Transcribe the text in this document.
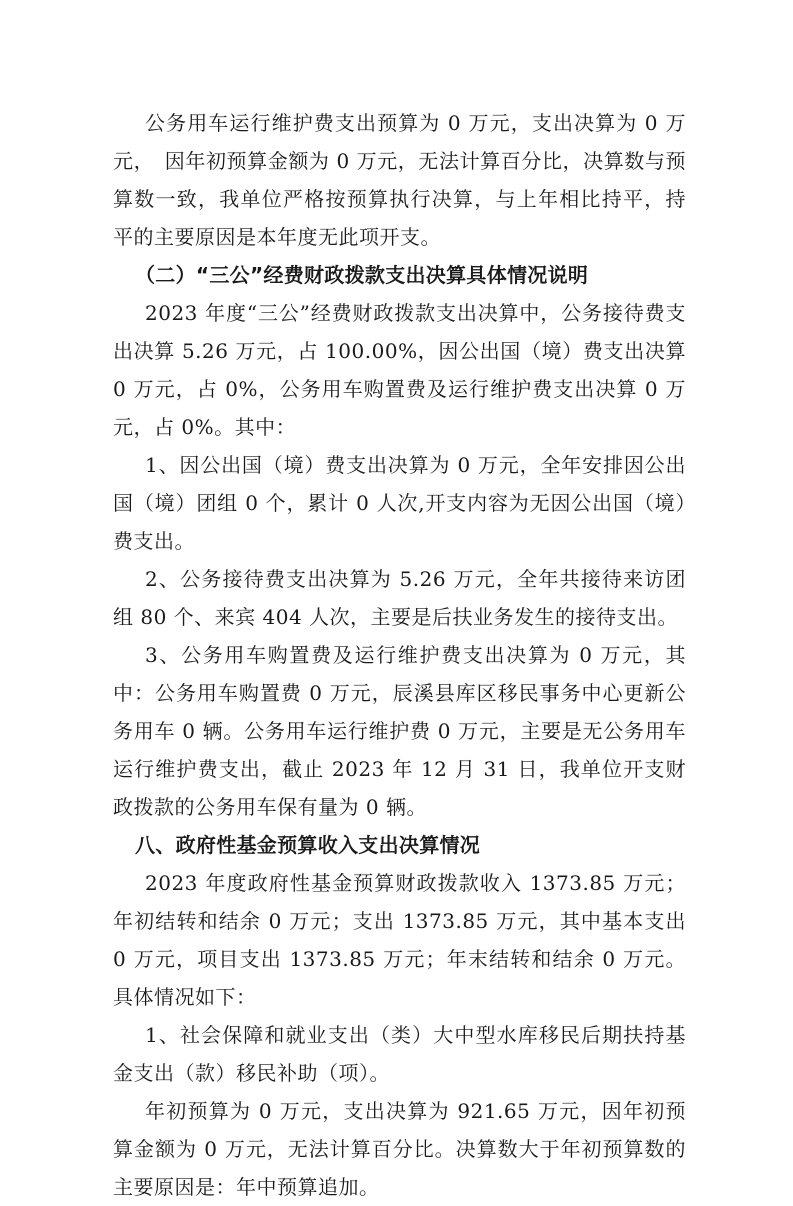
公务用车运行维护费支出预算为 0 万元，支出决算为 0 万元，　因年初预算金额为 0 万元，无法计算百分比，决算数与预算数一致，我单位严格按预算执行决算，与上年相比持平，持平的主要原因是本年度无此项开支。

（二）“三公”经费财政拨款支出决算具体情况说明

2023 年度“三公”经费财政拨款支出决算中，公务接待费支出决算 5.26 万元，占 100.00%，因公出国（境）费支出决算 0 万元，占 0%，公务用车购置费及运行维护费支出决算 0 万元，占 0%。其中：

1、因公出国（境）费支出决算为 0 万元，全年安排因公出国（境）团组 0 个，累计 0 人次,开支内容为无因公出国（境）费支出。

2、公务接待费支出决算为 5.26 万元，全年共接待来访团组 80 个、来宾 404 人次，主要是后扶业务发生的接待支出。

3、公务用车购置费及运行维护费支出决算为 0 万元，其中：公务用车购置费 0 万元，辰溪县库区移民事务中心更新公务用车 0 辆。公务用车运行维护费 0 万元，主要是无公务用车运行维护费支出，截止 2023 年 12 月 31 日，我单位开支财政拨款的公务用车保有量为 0 辆。

八、政府性基金预算收入支出决算情况

2023 年度政府性基金预算财政拨款收入 1373.85 万元；年初结转和结余 0 万元；支出 1373.85 万元，其中基本支出 0 万元，项目支出 1373.85 万元；年末结转和结余 0 万元。具体情况如下：

1、社会保障和就业支出（类）大中型水库移民后期扶持基金支出（款）移民补助（项）。

年初预算为 0 万元，支出决算为 921.65 万元，因年初预算金额为 0 万元，无法计算百分比。决算数大于年初预算数的主要原因是：年中预算追加。
